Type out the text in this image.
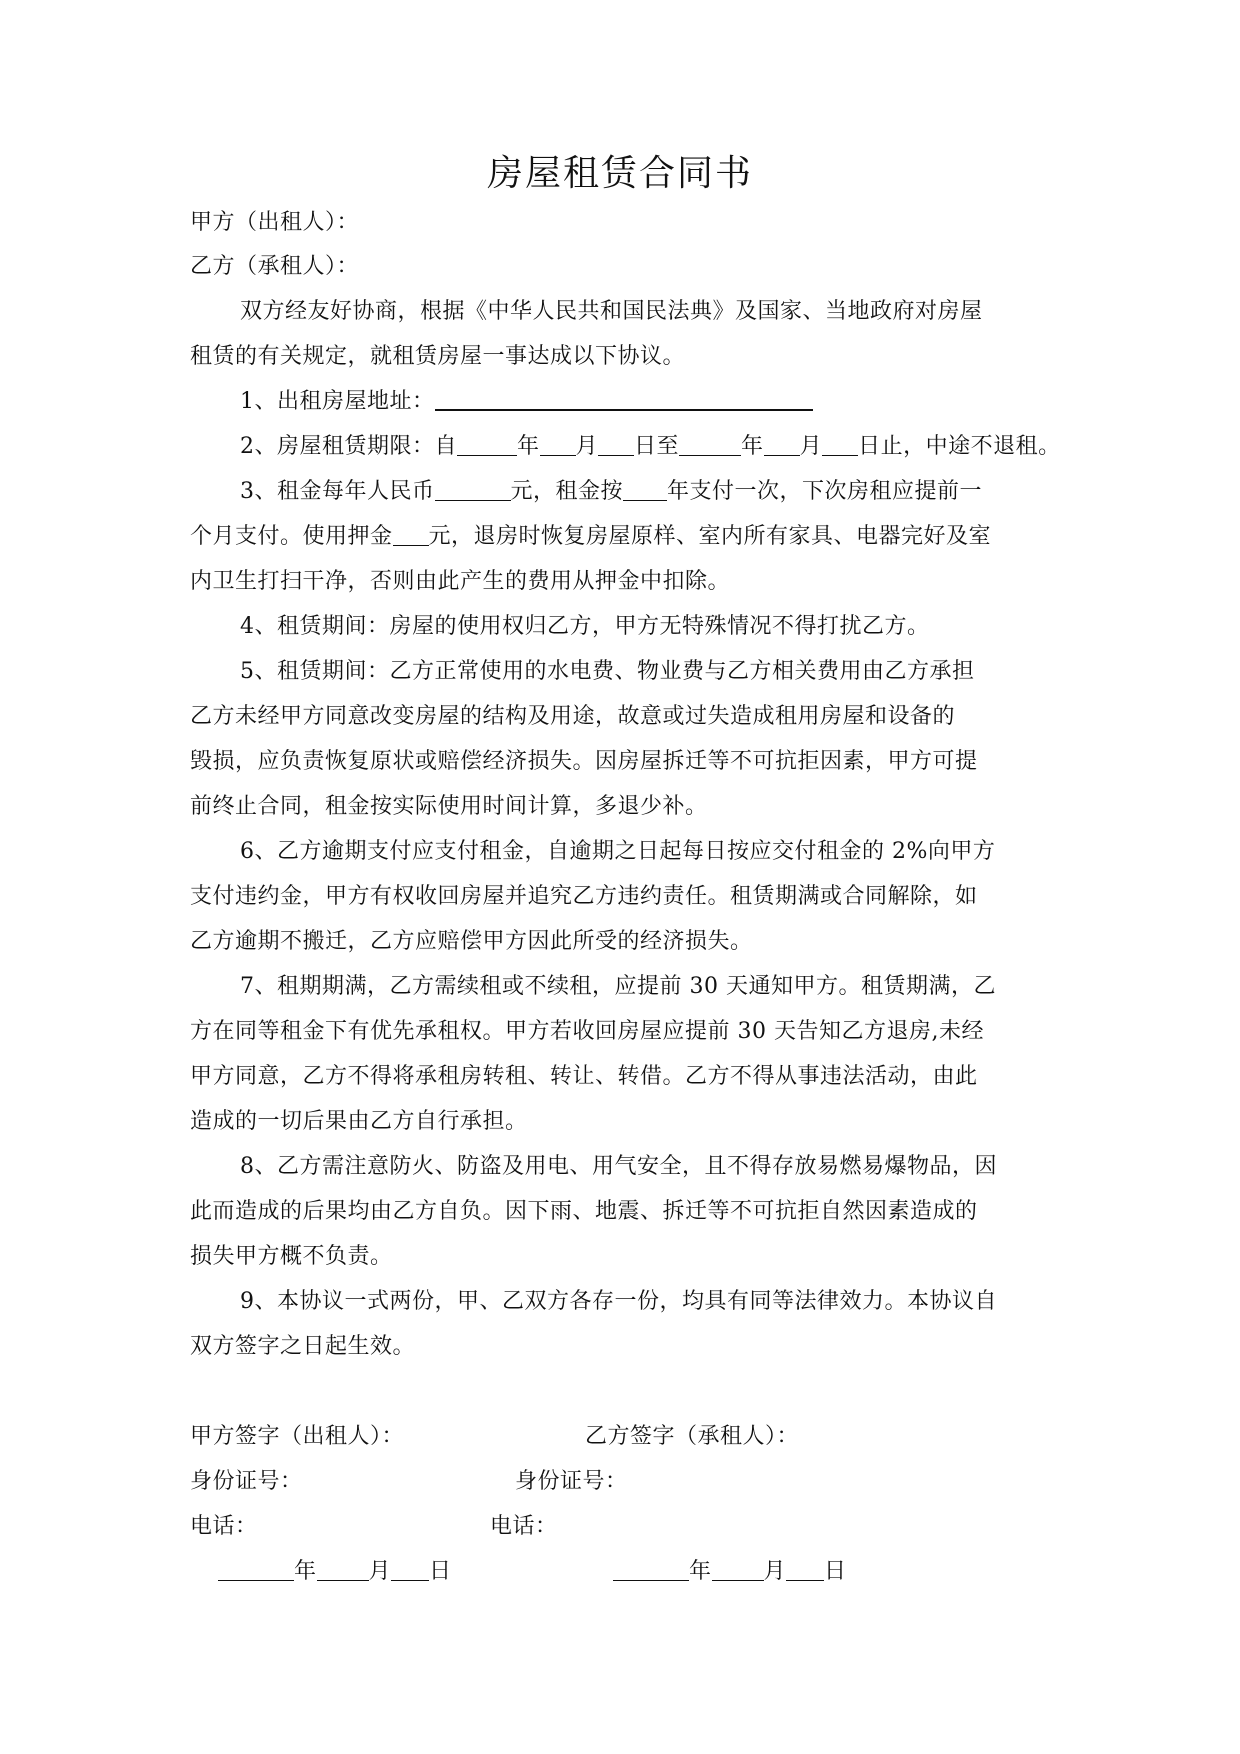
房屋租赁合同书
甲方（出租人）：
乙方（承租人）：
双方经友好协商，根据《中华人民共和国民法典》及国家、当地政府对房屋
租赁的有关规定，就租赁房屋一事达成以下协议。
1、出租房屋地址：
2、房屋租赁期限：自	年 月 日至	年 月 日止，中途不退租。
3、租金每年人民币	元，租金按 年支付一次，下次房租应提前一
个月支付。使用押金 元，退房时恢复房屋原样、室内所有家具、电器完好及室
内卫生打扫干净，否则由此产生的费用从押金中扣除。
4、租赁期间：房屋的使用权归乙方，甲方无特殊情况不得打扰乙方。
5、租赁期间：乙方正常使用的水电费、物业费与乙方相关费用由乙方承担
乙方未经甲方同意改变房屋的结构及用途，故意或过失造成租用房屋和设备的
毁损，应负责恢复原状或赔偿经济损失。因房屋拆迁等不可抗拒因素，甲方可提
前终止合同，租金按实际使用时间计算，多退少补。
6、乙方逾期支付应支付租金，自逾期之日起每日按应交付租金的 2%向甲方
支付违约金，甲方有权收回房屋并追究乙方违约责任。租赁期满或合同解除，如
乙方逾期不搬迁，乙方应赔偿甲方因此所受的经济损失。
7、租期期满，乙方需续租或不续租，应提前 30 天通知甲方。租赁期满，乙
方在同等租金下有优先承租权。甲方若收回房屋应提前 30 天告知乙方退房,未经
甲方同意，乙方不得将承租房转租、转让、转借。乙方不得从事违法活动，由此
造成的一切后果由乙方自行承担。
8、乙方需注意防火、防盗及用电、用气安全，且不得存放易燃易爆物品，因
此而造成的后果均由乙方自负。因下雨、地震、拆迁等不可抗拒自然因素造成的
损失甲方概不负责。
9、本协议一式两份，甲、乙双方各存一份，均具有同等法律效力。本协议自
双方签字之日起生效。
甲方签字（出租人）：	乙方签字（承租人）：
身份证号：	身份证号：
电话：	电话：
年 月 日	年 月 日
